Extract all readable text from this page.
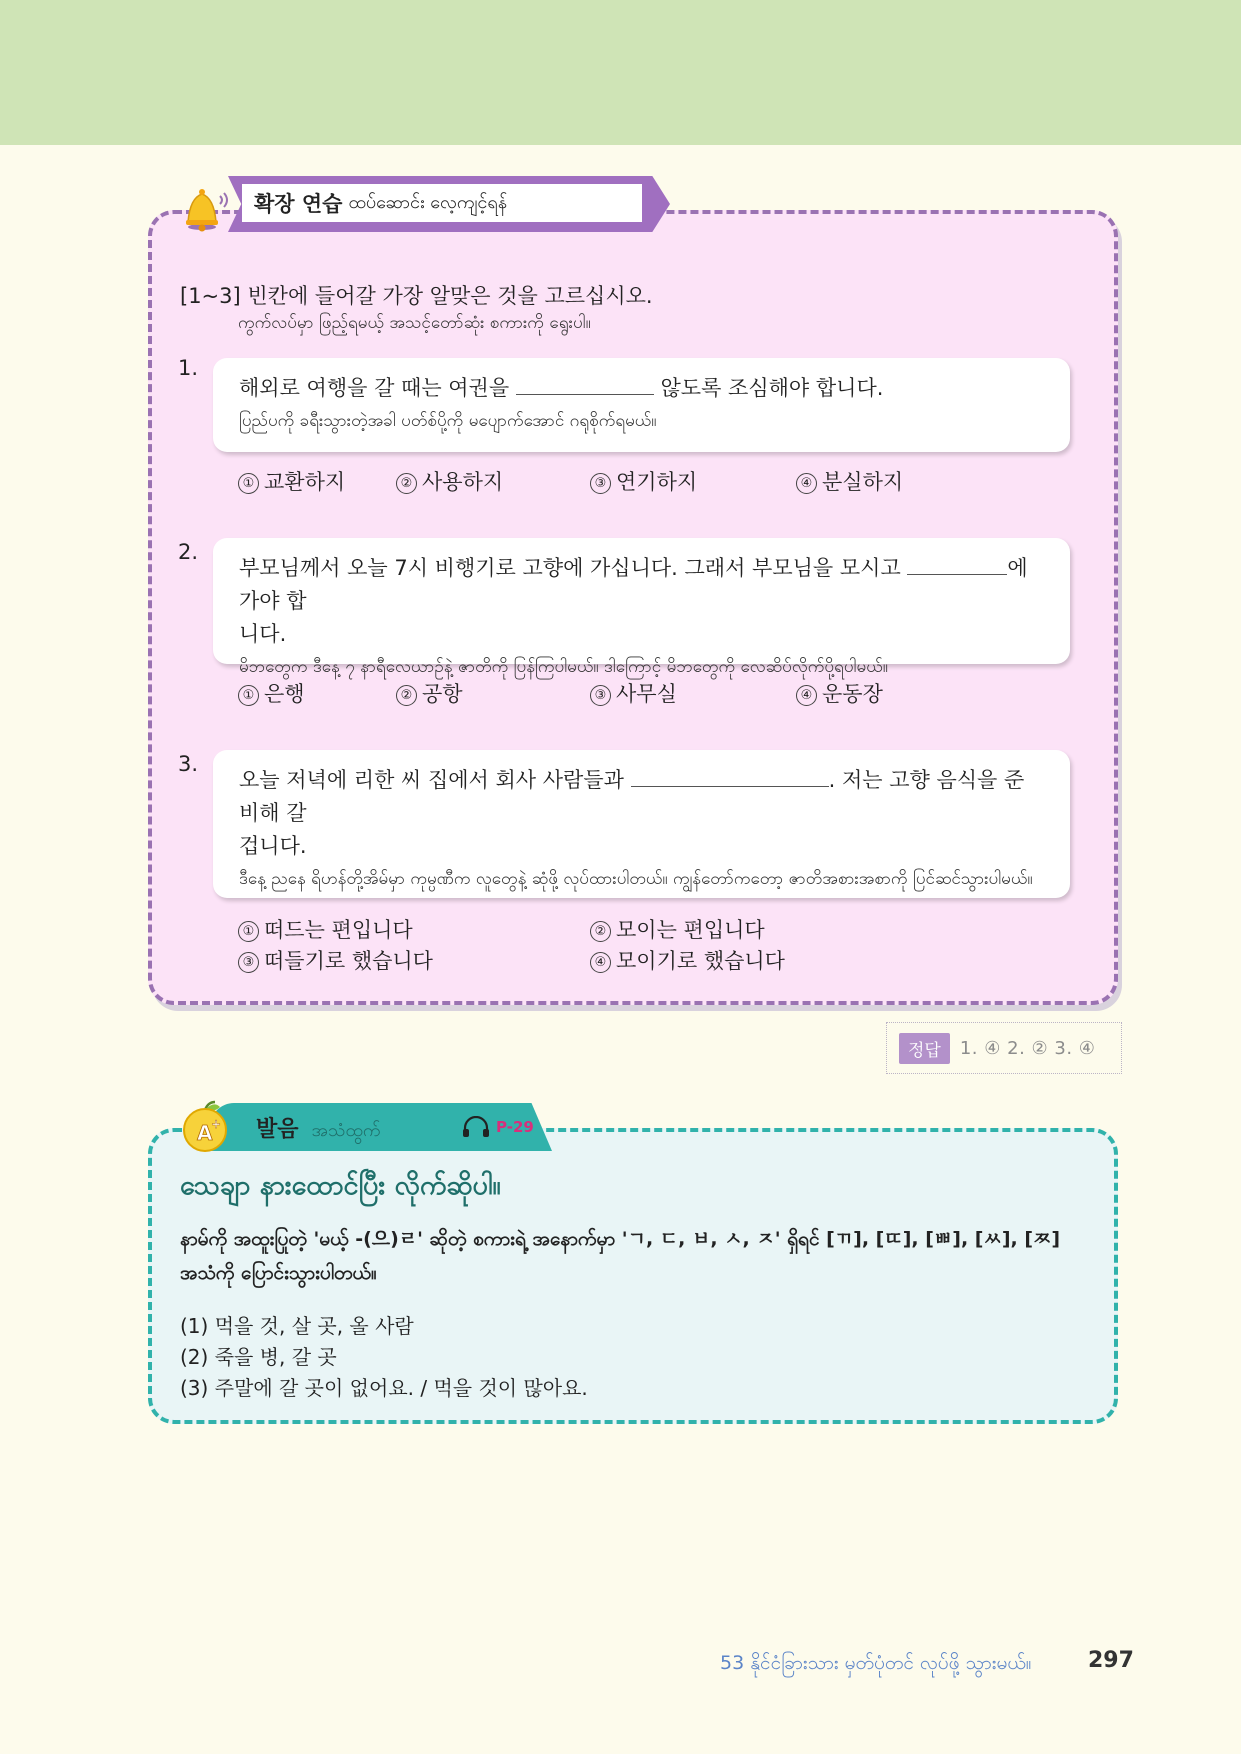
확장 연습 ထပ်ဆောင်း လေ့ကျင့်ရန်
[1~3] 빈칸에 들어갈 가장 알맞은 것을 고르십시오.
ကွက်လပ်မှာ ဖြည့်ရမယ့် အသင့်တော်ဆုံး စကားကို ရွေးပါ။
1.
해외로 여행을 갈 때는 여권을	않도록 조심해야 합니다.
ပြည်ပကို ခရီးသွားတဲ့အခါ ပတ်စ်ပို့ကို မပျောက်အောင် ဂရုစိုက်ရမယ်။
① 교환하지	② 사용하지	③ 연기하지	④ 분실하지
2.
부모님께서 오늘 7시 비행기로 고향에 가십니다. 그래서 부모님을 모시고	에 가야 합
니다.
မိဘတွေက ဒီနေ့ ၇ နာရီလေယာဉ်နဲ့ ဇာတိကို ပြန်ကြပါမယ်။ ဒါကြောင့် မိဘတွေကို လေဆိပ်လိုက်ပို့ရပါမယ်။
① 은행	② 공항	③ 사무실	④ 운동장
3.
오늘 저녁에 리한 씨 집에서 회사 사람들과	. 저는 고향 음식을 준비해 갈
겁니다.
ဒီနေ့ ညနေ ရိဟန်တို့အိမ်မှာ ကုမ္ပဏီက လူတွေနဲ့ ဆုံဖို့ လုပ်ထားပါတယ်။ ကျွန်တော်ကတော့ ဇာတိအစားအစာကို ပြင်ဆင်သွားပါမယ်။
① 떠드는 편입니다	② 모이는 편입니다
③ 떠들기로 했습니다	④ 모이기로 했습니다
정답	1. ④ 2. ② 3. ④
A
+ 발음 အသံထွက်	P-29
သေချာ နားထောင်ပြီး လိုက်ဆိုပါ။
နာမ်ကို အထူးပြုတဲ့ 'မယ့် -(으)ㄹ' ဆိုတဲ့ စကားရဲ့ အနောက်မှာ 'ㄱ, ㄷ, ㅂ, ㅅ, ㅈ' ရှိရင် [ㄲ], [ㄸ], [ㅃ], [ㅆ], [ㅉ]
အသံကို ပြောင်းသွားပါတယ်။
(1) 먹을 것, 살 곳, 올 사람
(2) 죽을 병, 갈 곳
(3) 주말에 갈 곳이 없어요. / 먹을 것이 많아요.
53 နိုင်ငံခြားသား မှတ်ပုံတင် လုပ်ဖို့ သွားမယ်။	297
